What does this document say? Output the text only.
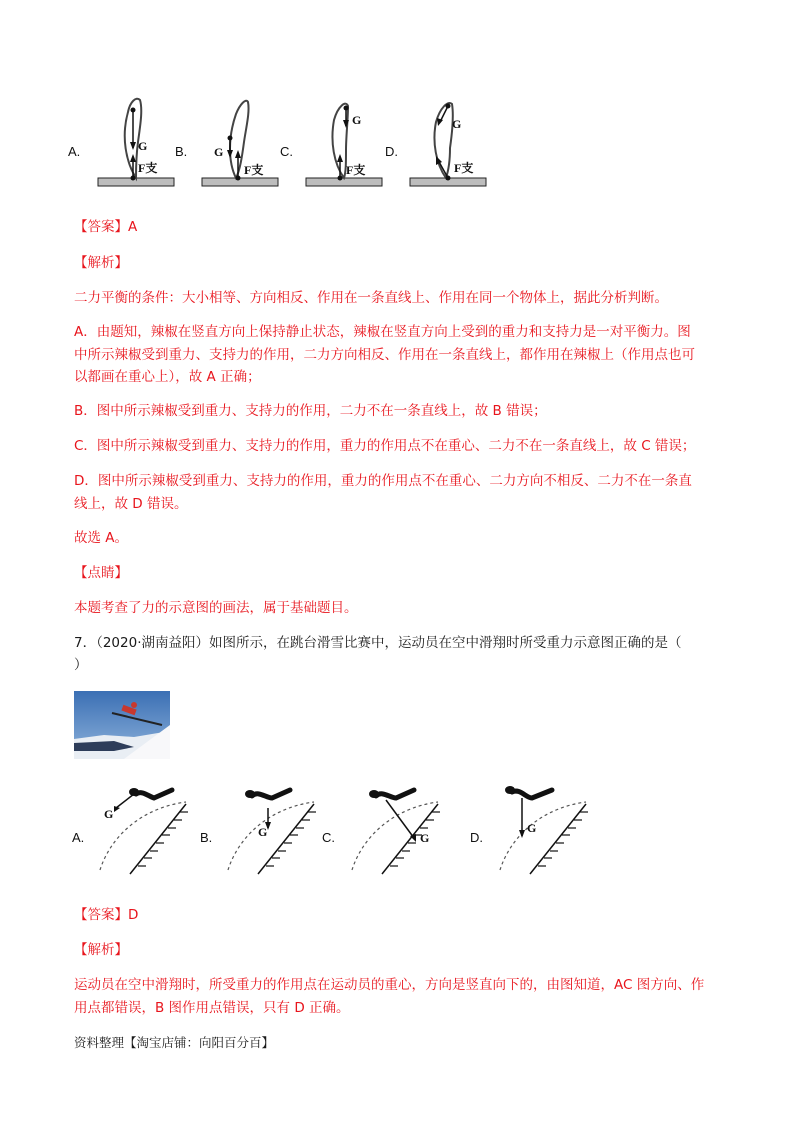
A.	B.	C.	D.
G
F支
G
F支
G
F支
G
F支
【答案】A
【解析】
二力平衡的条件：大小相等、方向相反、作用在一条直线上、作用在同一个物体上，据此分析判断。
A．由题知，辣椒在竖直方向上保持静止状态，辣椒在竖直方向上受到的重力和支持力是一对平衡力。图
中所示辣椒受到重力、支持力的作用，二力方向相反、作用在一条直线上，都作用在辣椒上（作用点也可
以都画在重心上），故 A 正确；
B．图中所示辣椒受到重力、支持力的作用，二力不在一条直线上，故 B 错误；
C．图中所示辣椒受到重力、支持力的作用，重力的作用点不在重心、二力不在一条直线上，故 C 错误；
D．图中所示辣椒受到重力、支持力的作用，重力的作用点不在重心、二力方向不相反、二力不在一条直
线上，故 D 错误。
故选 A。
【点睛】
本题考查了力的示意图的画法，属于基础题目。
7．（2020·湖南益阳）如图所示，在跳台滑雪比赛中，运动员在空中滑翔时所受重力示意图正确的是（
）
A.	B.	C.	D.
G
G	G
G
【答案】D
【解析】
运动员在空中滑翔时，所受重力的作用点在运动员的重心，方向是竖直向下的，由图知道，AC 图方向、作
用点都错误，B 图作用点错误，只有 D 正确。
资料整理【淘宝店铺：向阳百分百】
